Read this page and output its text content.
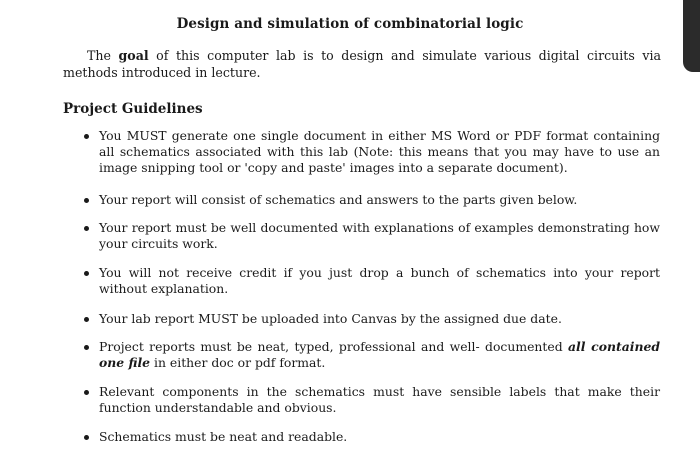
Design and simulation of combinatorial logic
The goal of this computer lab is to design and simulate various digital circuits via methods introduced in lecture.
Project Guidelines
You MUST generate one single document in either MS Word or PDF format containing all schematics associated with this lab (Note: this means that you may have to use an image snipping tool or 'copy and paste' images into a separate document).
Your report will consist of schematics and answers to the parts given below.
Your report must be well documented with explanations of examples demonstrating how your circuits work.
You will not receive credit if you just drop a bunch of schematics into your report without explanation.
Your lab report MUST be uploaded into Canvas by the assigned due date.
Project reports must be neat, typed, professional and well- documented all contained one file in either doc or pdf format.
Relevant components in the schematics must have sensible labels that make their function understandable and obvious.
Schematics must be neat and readable.
